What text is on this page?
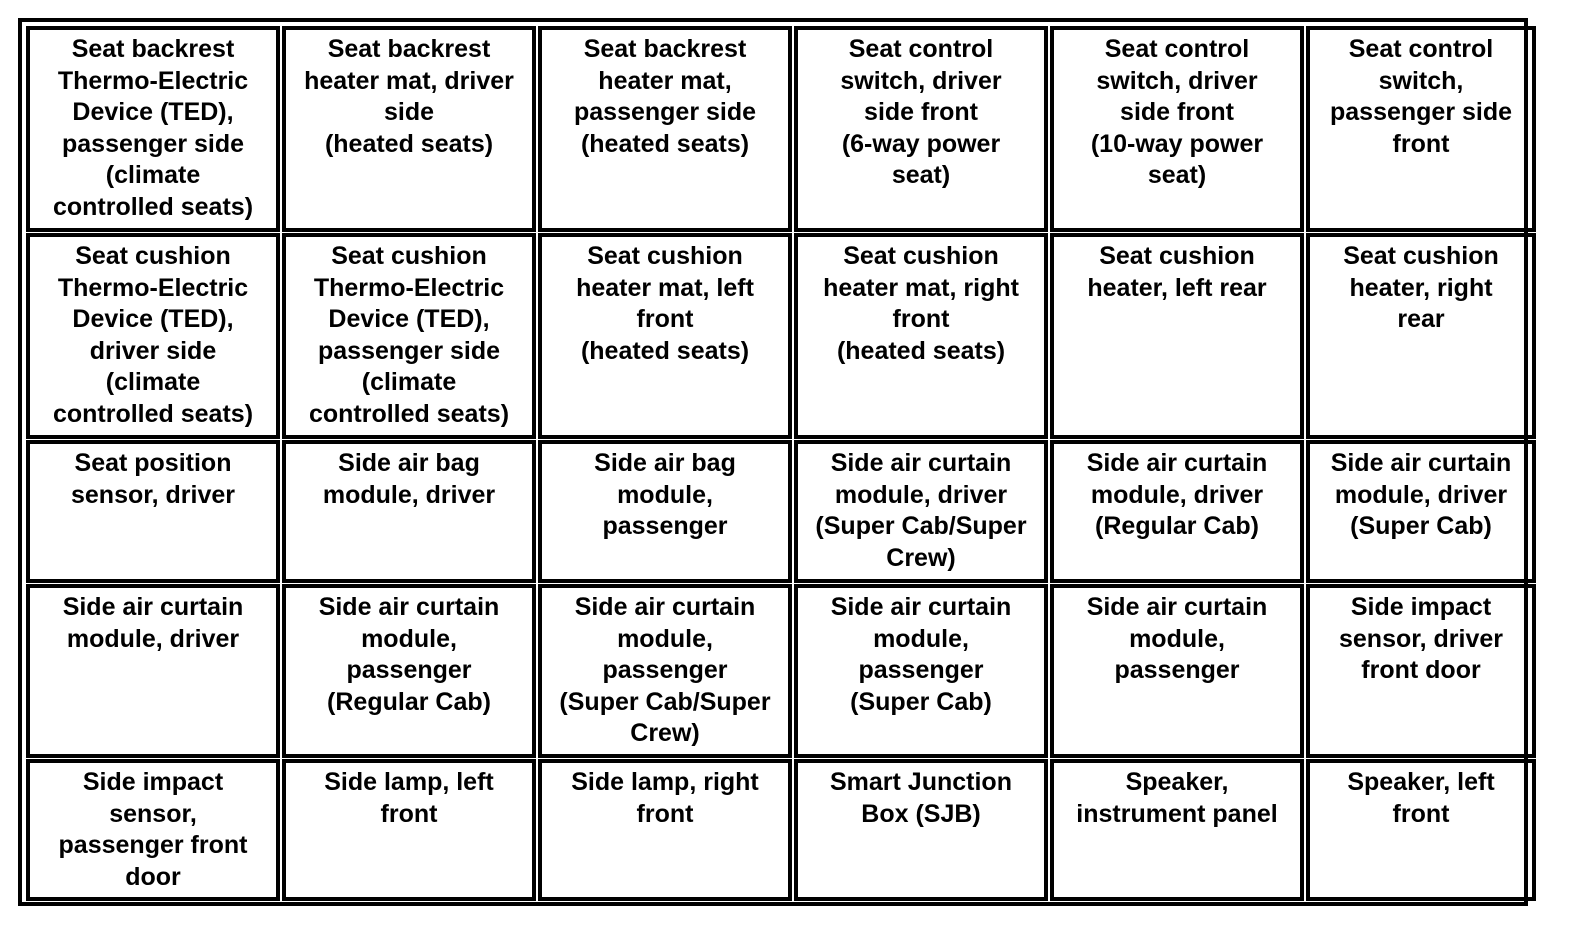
Seat backrest
Thermo-Electric
Device (TED),
passenger side
(climate
controlled seats)
Seat backrest
heater mat, driver
side
(heated seats)
Seat backrest
heater mat,
passenger side
(heated seats)
Seat control
switch, driver
side front
(6-way power
seat)
Seat control
switch, driver
side front
(10-way power
seat)
Seat control
switch,
passenger side
front
Seat cushion
Thermo-Electric
Device (TED),
driver side
(climate
controlled seats)
Seat cushion
Thermo-Electric
Device (TED),
passenger side
(climate
controlled seats)
Seat cushion
heater mat, left
front
(heated seats)
Seat cushion
heater mat, right
front
(heated seats)
Seat cushion
heater, left rear
Seat cushion
heater, right
rear
Seat position
sensor, driver
Side air bag
module, driver
Side air bag
module,
passenger
Side air curtain
module, driver
(Super Cab/Super
Crew)
Side air curtain
module, driver
(Regular Cab)
Side air curtain
module, driver
(Super Cab)
Side air curtain
module, driver
Side air curtain
module,
passenger
(Regular Cab)
Side air curtain
module,
passenger
(Super Cab/Super
Crew)
Side air curtain
module,
passenger
(Super Cab)
Side air curtain
module,
passenger
Side impact
sensor, driver
front door
Side impact
sensor,
passenger front
door
Side lamp, left
front
Side lamp, right
front
Smart Junction
Box (SJB)
Speaker,
instrument panel
Speaker, left
front
